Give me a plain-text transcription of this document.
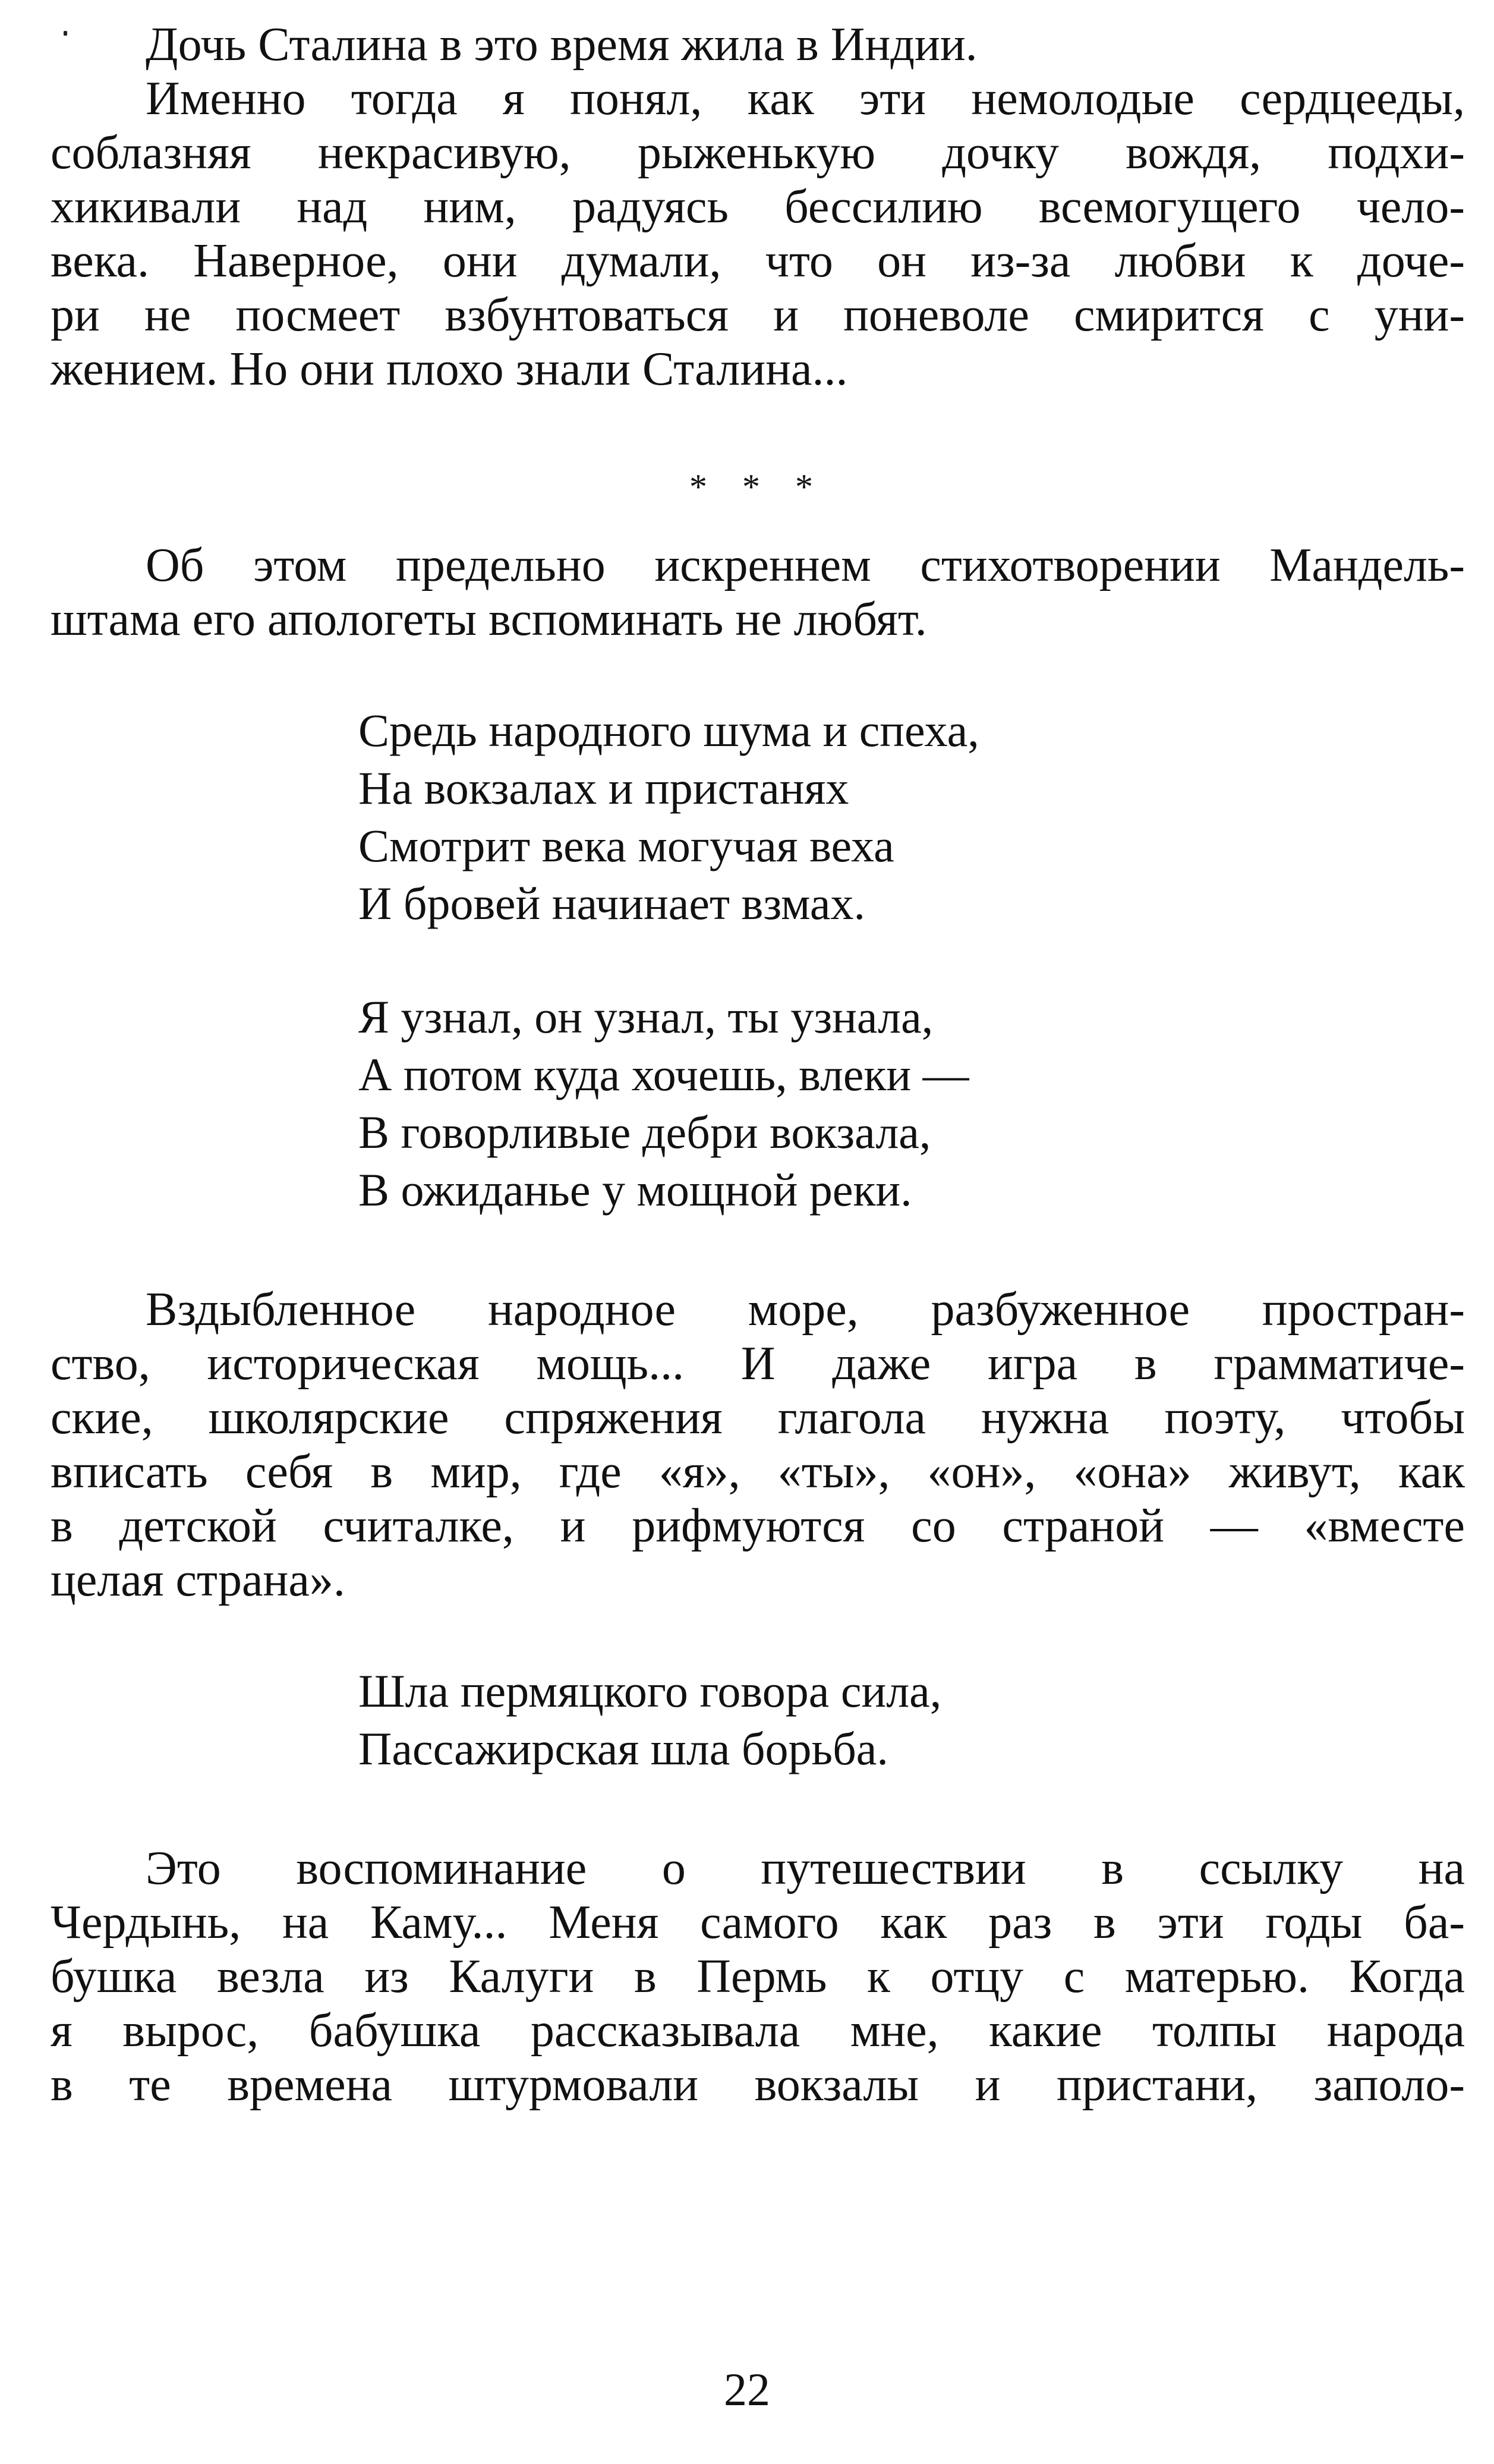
Дочь Сталина в это время жила в Индии.
Именно тогда я понял, как эти немолодые сердцееды,
соблазняя некрасивую, рыженькую дочку вождя, подхи-
хикивали над ним, радуясь бессилию всемогущего чело-
века. Наверное, они думали, что он из-за любви к доче-
ри не посмеет взбунтоваться и поневоле смирится с уни-
жением. Но они плохо знали Сталина...
* * *
Об этом предельно искреннем стихотворении Мандель-
штама его апологеты вспоминать не любят.
Средь народного шума и спеха,
На вокзалах и пристанях
Смотрит века могучая веха
И бровей начинает взмах.
Я узнал, он узнал, ты узнала,
А потом куда хочешь, влеки —
В говорливые дебри вокзала,
В ожиданье у мощной реки.
Вздыбленное народное море, разбуженное простран-
ство, историческая мощь... И даже игра в грамматиче-
ские, школярские спряжения глагола нужна поэту, чтобы
вписать себя в мир, где «я», «ты», «он», «она» живут, как
в детской считалке, и рифмуются со страной — «вместе
целая страна».
Шла пермяцкого говора сила,
Пассажирская шла борьба.
Это воспоминание о путешествии в ссылку на
Чердынь, на Каму... Меня самого как раз в эти годы ба-
бушка везла из Калуги в Пермь к отцу с матерью. Когда
я вырос, бабушка рассказывала мне, какие толпы народа
в те времена штурмовали вокзалы и пристани, заполо-
22
